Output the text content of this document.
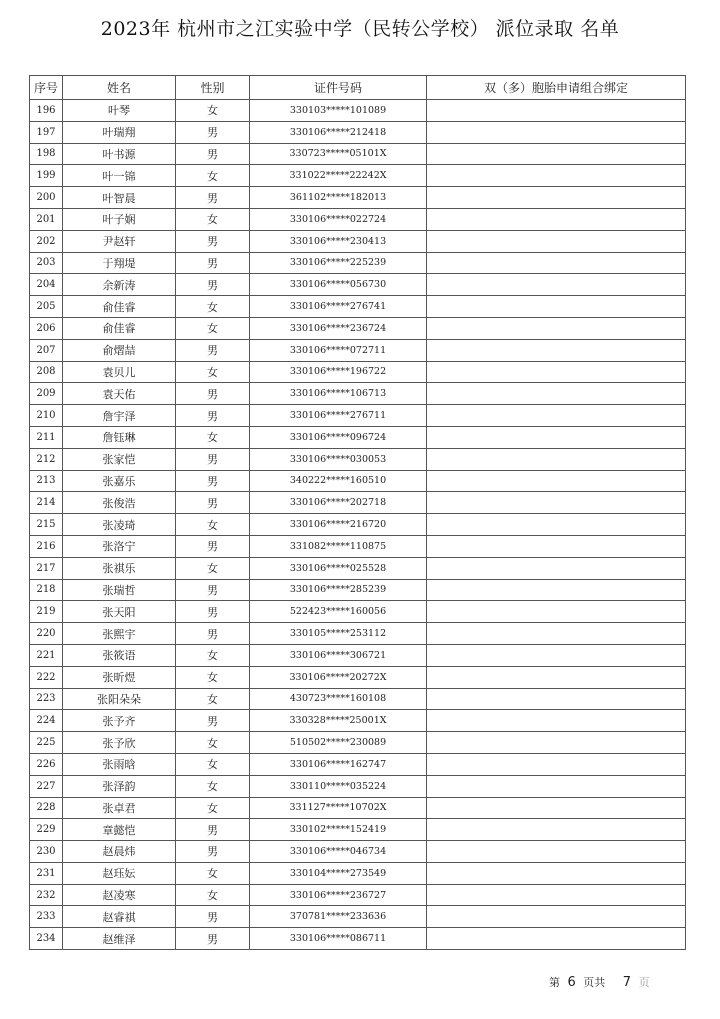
2023年 杭州市之江实验中学（民转公学校） 派位录取 名单
序号	姓名	性别	证件号码	双（多）胞胎申请组合绑定
196	叶琴	女	330103*****101089	
197	叶瑞翔	男	330106*****212418	
198	叶书源	男	330723*****05101X	
199	叶一锦	女	331022*****22242X	
200	叶智晨	男	361102*****182013	
201	叶子娴	女	330106*****022724	
202	尹赵轩	男	330106*****230413	
203	于翔堤	男	330106*****225239	
204	余新涛	男	330106*****056730	
205	俞佳睿	女	330106*****276741	
206	俞佳睿	女	330106*****236724	
207	俞熠喆	男	330106*****072711	
208	袁贝儿	女	330106*****196722	
209	袁天佑	男	330106*****106713	
210	詹宇泽	男	330106*****276711	
211	詹钰琳	女	330106*****096724	
212	张家恺	男	330106*****030053	
213	张嘉乐	男	340222*****160510	
214	张俊浩	男	330106*****202718	
215	张凌琦	女	330106*****216720	
216	张洛宁	男	331082*****110875	
217	张祺乐	女	330106*****025528	
218	张瑞哲	男	330106*****285239	
219	张天阳	男	522423*****160056	
220	张熙宇	男	330105*****253112	
221	张筱语	女	330106*****306721	
222	张昕煜	女	330106*****20272X	
223	张阳朵朵	女	430723*****160108	
224	张予齐	男	330328*****25001X	
225	张予欣	女	510502*****230089	
226	张雨晗	女	330106*****162747	
227	张泽韵	女	330110*****035224	
228	张卓君	女	331127*****10702X	
229	章懿恺	男	330102*****152419	
230	赵晨炜	男	330106*****046734	
231	赵珏妘	女	330104*****273549	
232	赵凌寒	女	330106*****236727	
233	赵睿祺	男	370781*****233636	
234	赵维泽	男	330106*****086711	
第 6 页共 7 页
